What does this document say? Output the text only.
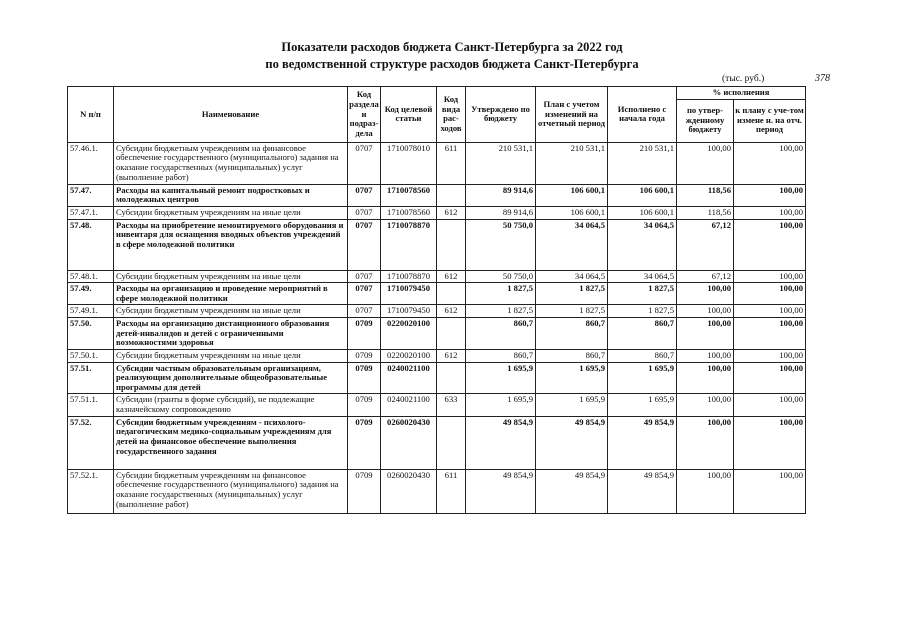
Показатели расходов бюджета Санкт-Петербурга за 2022 год
по ведомственной структуре расходов бюджета Санкт-Петербурга
(тыс. руб.)	378
N п/п	Наименование	Код раздела и подраз-дела	Код целевой статьи	Код вида рас-ходов	Утверждено по бюджету	План с учетом изменений на отчетный период	Исполнено с начала года	% исполнения	
								по утвер-жденному бюджету	к плану с уче-том измене н. на отч. период
57.46.1.	Субсидии бюджетным учреждениям на финансовое обеспечение государственного (муниципального) задания на оказание государственных (муниципальных) услуг (выполнение работ)	0707	1710078010	611	210 531,1	210 531,1	210 531,1	100,00	100,00
57.47.	Расходы на капитальный ремонт подростковых и молодежных центров	0707	1710078560		89 914,6	106 600,1	106 600,1	118,56	100,00
57.47.1.	Субсидии бюджетным учреждениям на иные цели	0707	1710078560	612	89 914,6	106 600,1	106 600,1	118,56	100,00
57.48.	Расходы на приобретение немонтируемого оборудования и инвентаря для оснащения вводных объектов учреждений в сфере молодежной политики	0707	1710078870		50 750,0	34 064,5	34 064,5	67,12	100,00
57.48.1.	Субсидии бюджетным учреждениям на иные цели	0707	1710078870	612	50 750,0	34 064,5	34 064,5	67,12	100,00
57.49.	Расходы на организацию и проведение мероприятий в сфере молодежной политики	0707	1710079450		1 827,5	1 827,5	1 827,5	100,00	100,00
57.49.1.	Субсидии бюджетным учреждениям на иные цели	0707	1710079450	612	1 827,5	1 827,5	1 827,5	100,00	100,00
57.50.	Расходы на организацию дистанционного образования детей-инвалидов и детей с ограниченными возможностями здоровья	0709	0220020100		860,7	860,7	860,7	100,00	100,00
57.50.1.	Субсидии бюджетным учреждениям на иные цели	0709	0220020100	612	860,7	860,7	860,7	100,00	100,00
57.51.	Субсидии частным образовательным организациям, реализующим дополнительные общеобразовательные программы для детей	0709	0240021100		1 695,9	1 695,9	1 695,9	100,00	100,00
57.51.1.	Субсидии (гранты в форме субсидий), не подлежащие казначейскому сопровождению	0709	0240021100	633	1 695,9	1 695,9	1 695,9	100,00	100,00
57.52.	Субсидии бюджетным учреждениям - психолого-педагогическим медико-социальным учреждениям для детей на финансовое обеспечение выполнения государственного задания	0709	0260020430		49 854,9	49 854,9	49 854,9	100,00	100,00
57.52.1.	Субсидии бюджетным учреждениям на финансовое обеспечение государственного (муниципального) задания на оказание государственных (муниципальных) услуг (выполнение работ)	0709	0260020430	611	49 854,9	49 854,9	49 854,9	100,00	100,00
